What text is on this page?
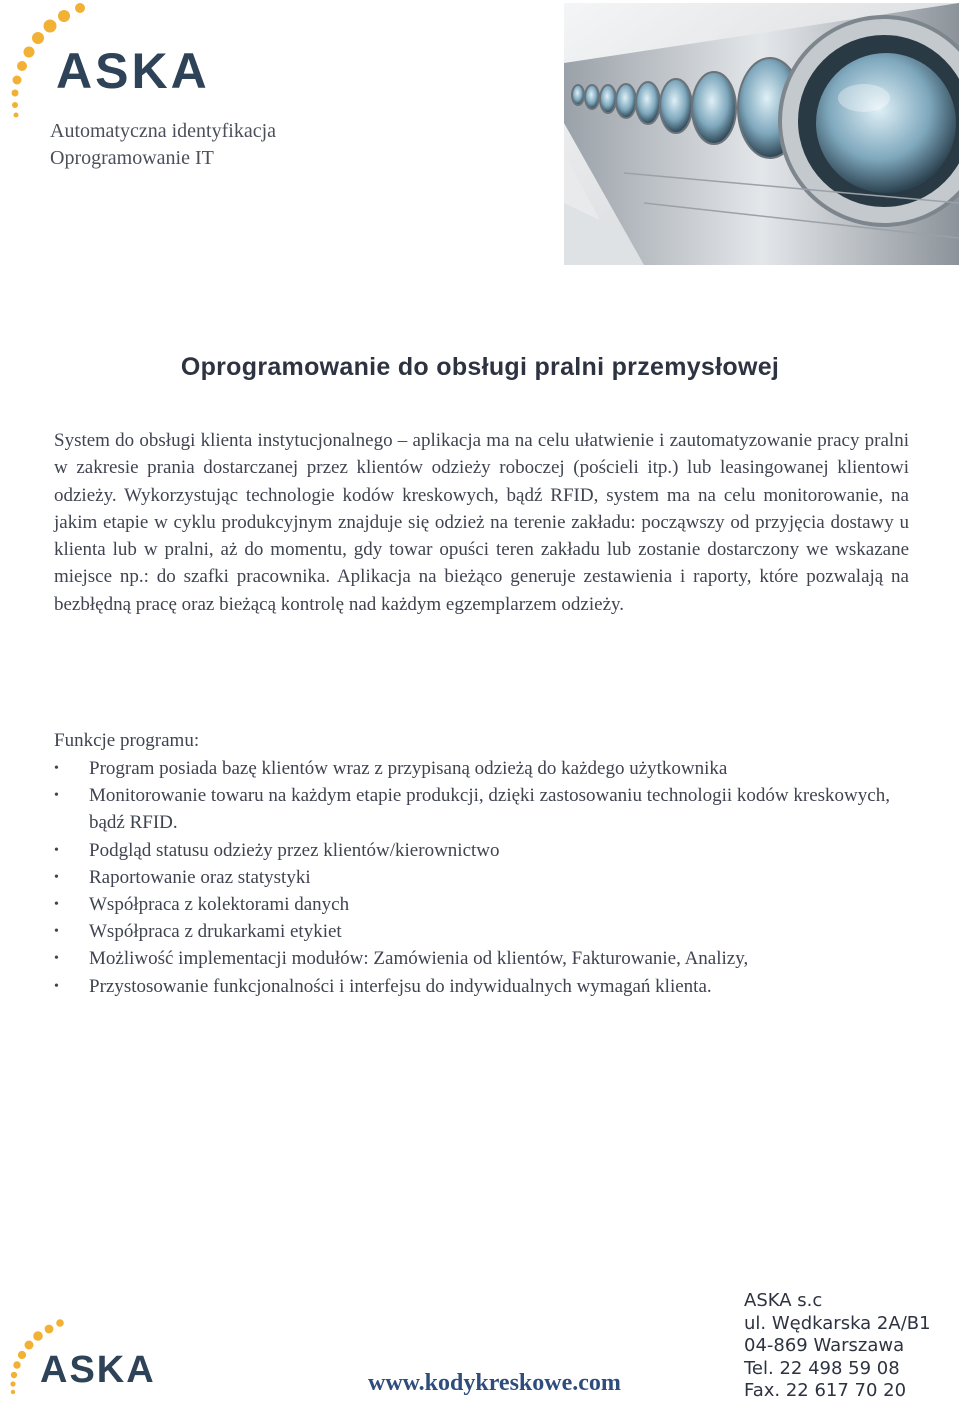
ASKA
Automatyczna identyfikacja
Oprogramowanie IT
Oprogramowanie do obsługi pralni przemysłowej

System do obsługi klienta instytucjonalnego – aplikacja ma na celu ułatwienie i zautomatyzowanie pracy pralni w zakresie prania dostarczanej przez klientów odzieży roboczej (pościeli itp.) lub leasingowanej klientowi odzieży. Wykorzystując technologie kodów kreskowych, bądź RFID, system ma na celu monitorowanie, na jakim etapie w cyklu produkcyjnym znajduje się odzież na terenie zakładu: począwszy od przyjęcia dostawy u klienta lub w pralni, aż do momentu, gdy towar opuści teren zakładu lub zostanie dostarczony we wskazane miejsce np.: do szafki pracownika. Aplikacja na bieżąco generuje zestawienia i raporty, które pozwalają na bezbłędną pracę oraz bieżącą kontrolę nad każdym egzemplarzem odzieży.

Funkcje programu:
• Program posiada bazę klientów wraz z przypisaną odzieżą do każdego użytkownika
• Monitorowanie towaru na każdym etapie produkcji, dzięki zastosowaniu technologii kodów kreskowych, bądź RFID.
• Podgląd statusu odzieży przez klientów/kierownictwo
• Raportowanie oraz statystyki
• Współpraca z kolektorami danych
• Współpraca z drukarkami etykiet
• Możliwość implementacji modułów: Zamówienia od klientów, Fakturowanie, Analizy,
• Przystosowanie funkcjonalności i interfejsu do indywidualnych wymagań klienta.
ASKA	www.kodykreskowe.com
ASKA s.c
ul. Wędkarska 2A/B1
04-869 Warszawa
Tel. 22 498 59 08
Fax. 22 617 70 20
